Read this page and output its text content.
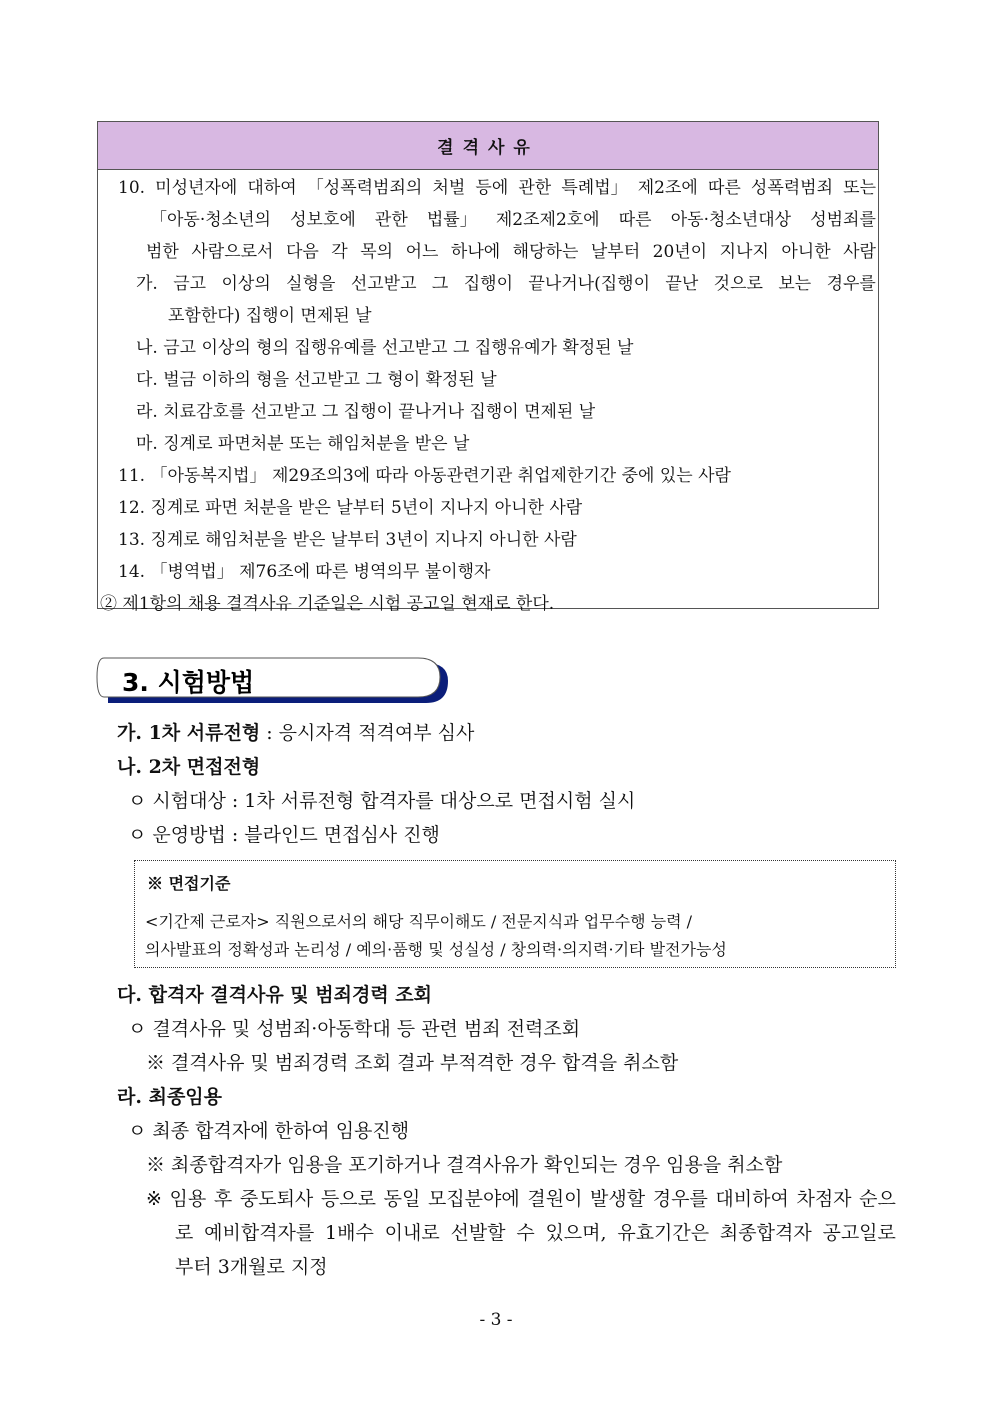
결격사유
10. 미성년자에 대하여 「성폭력범죄의 처벌 등에 관한 특례법」 제2조에 따른 성폭력범죄 또는
「아동·청소년의 성보호에 관한 법률」 제2조제2호에 따른 아동·청소년대상 성범죄를
범한 사람으로서 다음 각 목의 어느 하나에 해당하는 날부터 20년이 지나지 아니한 사람
가. 금고 이상의 실형을 선고받고 그 집행이 끝나거나(집행이 끝난 것으로 보는 경우를
포함한다) 집행이 면제된 날
나. 금고 이상의 형의 집행유예를 선고받고 그 집행유예가 확정된 날
다. 벌금 이하의 형을 선고받고 그 형이 확정된 날
라. 치료감호를 선고받고 그 집행이 끝나거나 집행이 면제된 날
마. 징계로 파면처분 또는 해임처분을 받은 날
11. 「아동복지법」 제29조의3에 따라 아동관련기관 취업제한기간 중에 있는 사람
12. 징계로 파면 처분을 받은 날부터 5년이 지나지 아니한 사람
13. 징계로 해임처분을 받은 날부터 3년이 지나지 아니한 사람
14. 「병역법」 제76조에 따른 병역의무 불이행자
② 제1항의 채용 결격사유 기준일은 시험 공고일 현재로 한다.
3. 시험방법
가. 1차 서류전형 : 응시자격 적격여부 심사
나. 2차 면접전형
ㅇ 시험대상 : 1차 서류전형 합격자를 대상으로 면접시험 실시
ㅇ 운영방법 : 블라인드 면접심사 진행
※ 면접기준
<기간제 근로자> 직원으로서의 해당 직무이해도 / 전문지식과 업무수행 능력 /
의사발표의 정확성과 논리성 / 예의·품행 및 성실성 / 창의력·의지력·기타 발전가능성
다. 합격자 결격사유 및 범죄경력 조회
ㅇ 결격사유 및 성범죄·아동학대 등 관련 범죄 전력조회
※ 결격사유 및 범죄경력 조회 결과 부적격한 경우 합격을 취소함
라. 최종임용
ㅇ 최종 합격자에 한하여 임용진행
※ 최종합격자가 임용을 포기하거나 결격사유가 확인되는 경우 임용을 취소함
※ 임용 후 중도퇴사 등으로 동일 모집분야에 결원이 발생할 경우를 대비하여 차점자 순으
로 예비합격자를 1배수 이내로 선발할 수 있으며, 유효기간은 최종합격자 공고일로
부터 3개월로 지정
- 3 -
